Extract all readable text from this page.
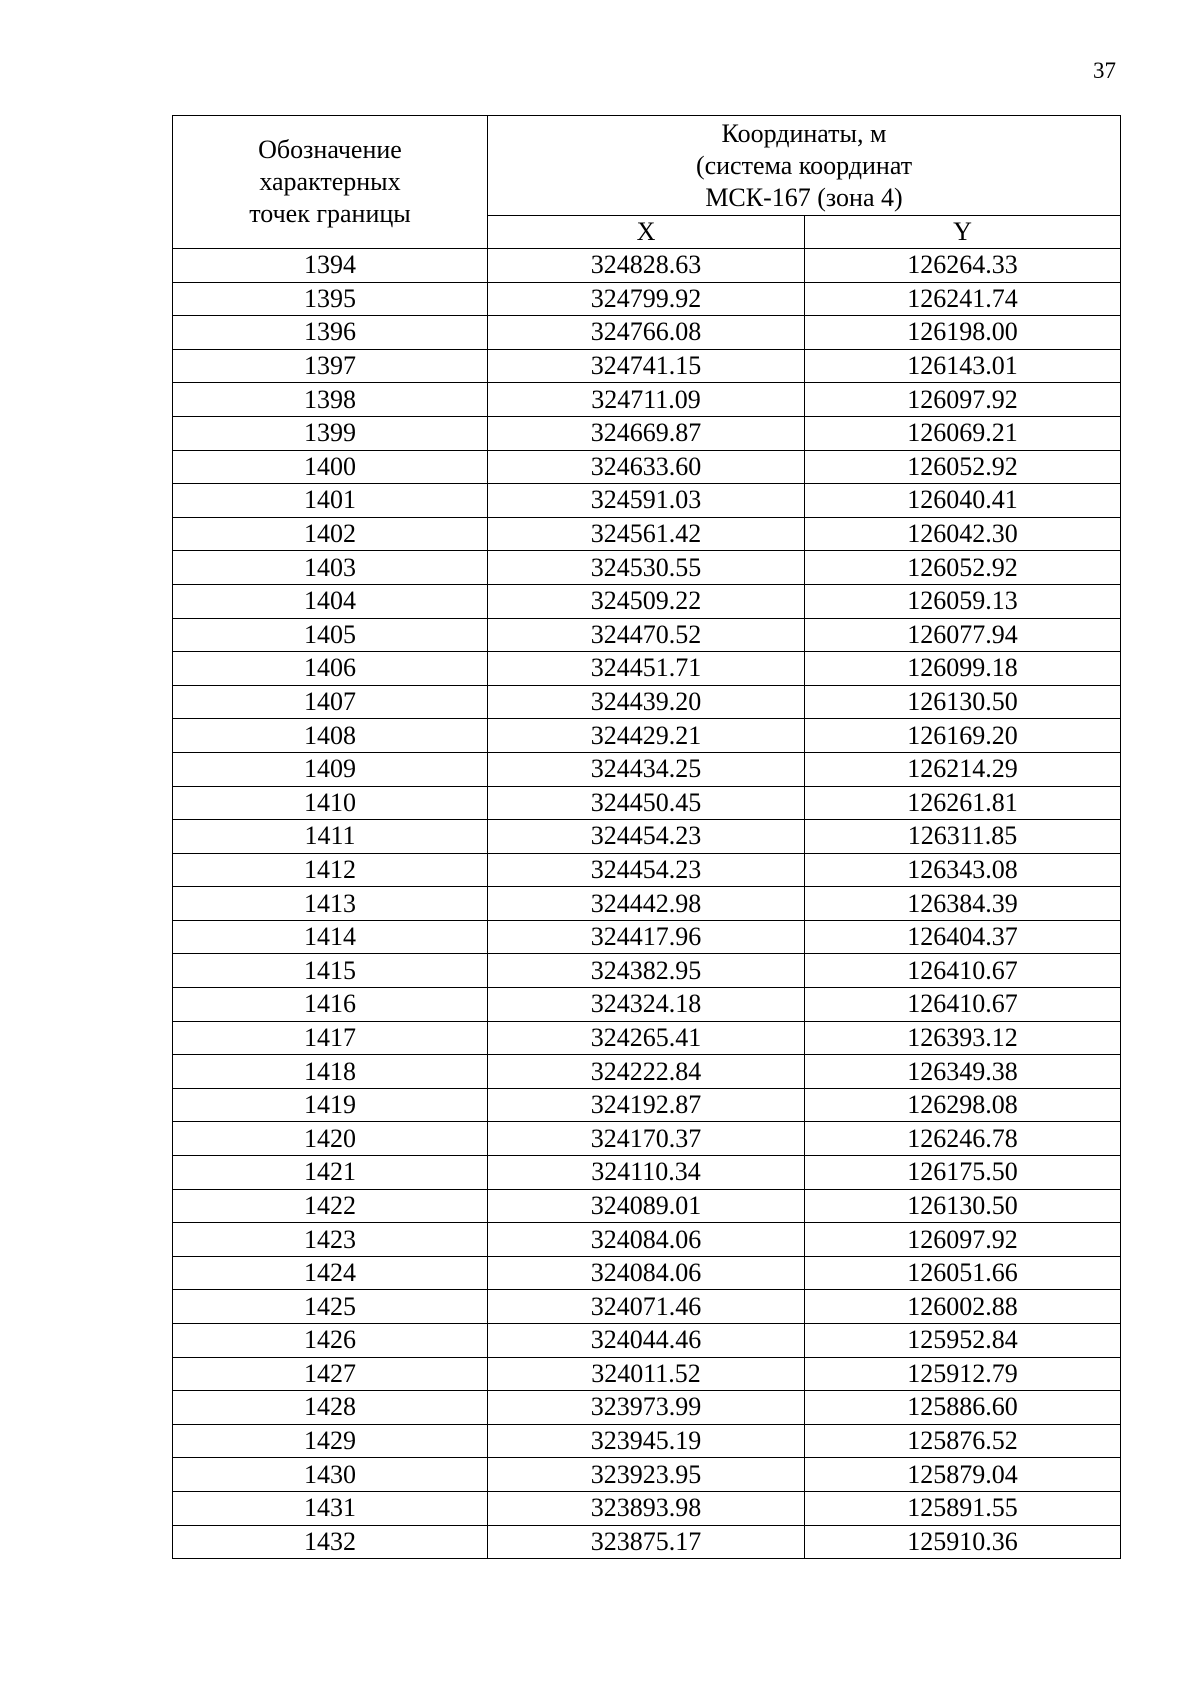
37
Обозначение
характерных
точек границы	Координаты, м
(система координат
МСК-167 (зона 4)	

	X	Y
1394	324828.63	126264.33
1395	324799.92	126241.74
1396	324766.08	126198.00
1397	324741.15	126143.01
1398	324711.09	126097.92
1399	324669.87	126069.21
1400	324633.60	126052.92
1401	324591.03	126040.41
1402	324561.42	126042.30
1403	324530.55	126052.92
1404	324509.22	126059.13
1405	324470.52	126077.94
1406	324451.71	126099.18
1407	324439.20	126130.50
1408	324429.21	126169.20
1409	324434.25	126214.29
1410	324450.45	126261.81
1411	324454.23	126311.85
1412	324454.23	126343.08
1413	324442.98	126384.39
1414	324417.96	126404.37
1415	324382.95	126410.67
1416	324324.18	126410.67
1417	324265.41	126393.12
1418	324222.84	126349.38
1419	324192.87	126298.08
1420	324170.37	126246.78
1421	324110.34	126175.50
1422	324089.01	126130.50
1423	324084.06	126097.92
1424	324084.06	126051.66
1425	324071.46	126002.88
1426	324044.46	125952.84
1427	324011.52	125912.79
1428	323973.99	125886.60
1429	323945.19	125876.52
1430	323923.95	125879.04
1431	323893.98	125891.55
1432	323875.17	125910.36
